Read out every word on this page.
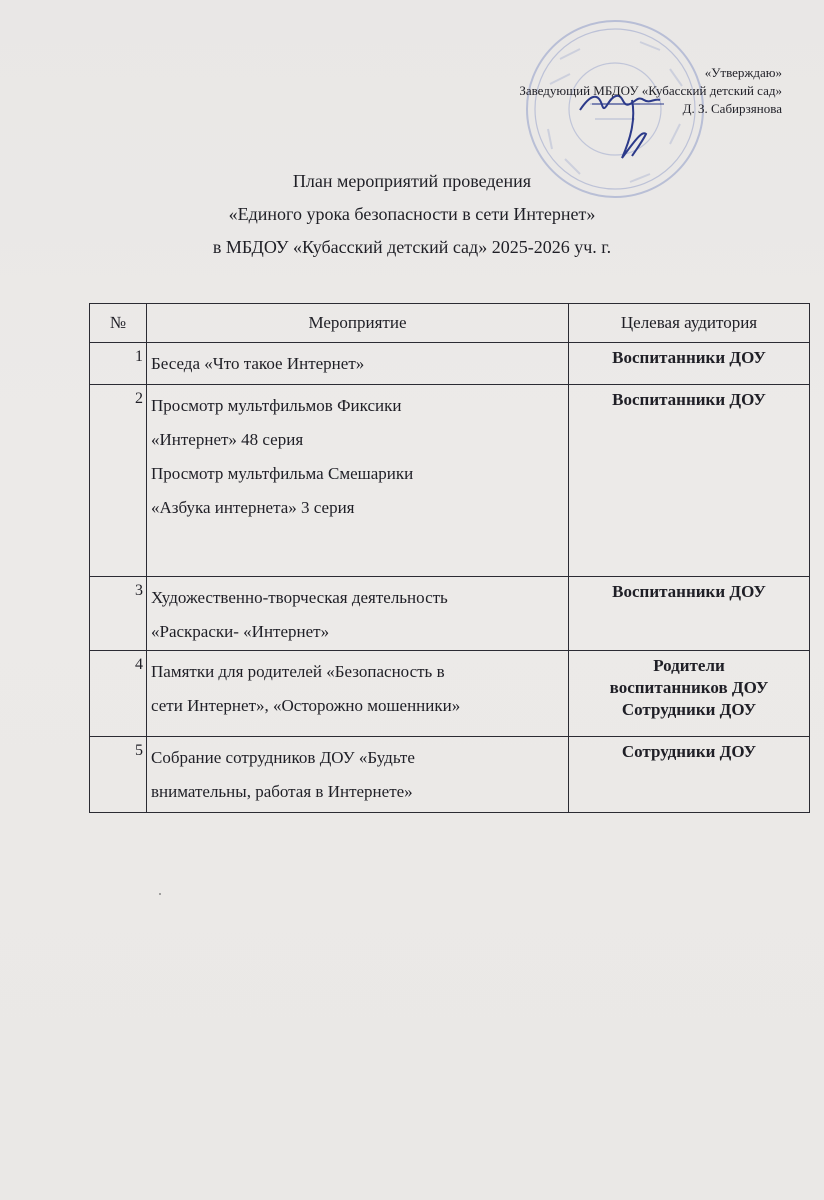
«Утверждаю»
Заведующий МБДОУ «Кубасский детский сад»
Д. З. Сабирзянова
План мероприятий проведения
«Единого урока безопасности в сети Интернет»
в МБДОУ «Кубасский детский сад» 2025-2026 уч. г.
№	Мероприятие	Целевая аудитория
1	Беседа «Что такое Интернет»	Воспитанники ДОУ

2	Просмотр мультфильмов Фиксики
«Интернет» 48 серия
Просмотр мультфильма Смешарики
«Азбука интернета» 3 серия	Воспитанники ДОУ

3	Художественно-творческая деятельность
«Раскраски- «Интернет»	Воспитанники ДОУ

4	Памятки для родителей «Безопасность в
сети Интернет», «Осторожно мошенники»	Родители
воспитанников ДОУ
Сотрудники ДОУ

5	Собрание сотрудников ДОУ «Будьте
внимательны, работая в Интернете»	Сотрудники ДОУ
